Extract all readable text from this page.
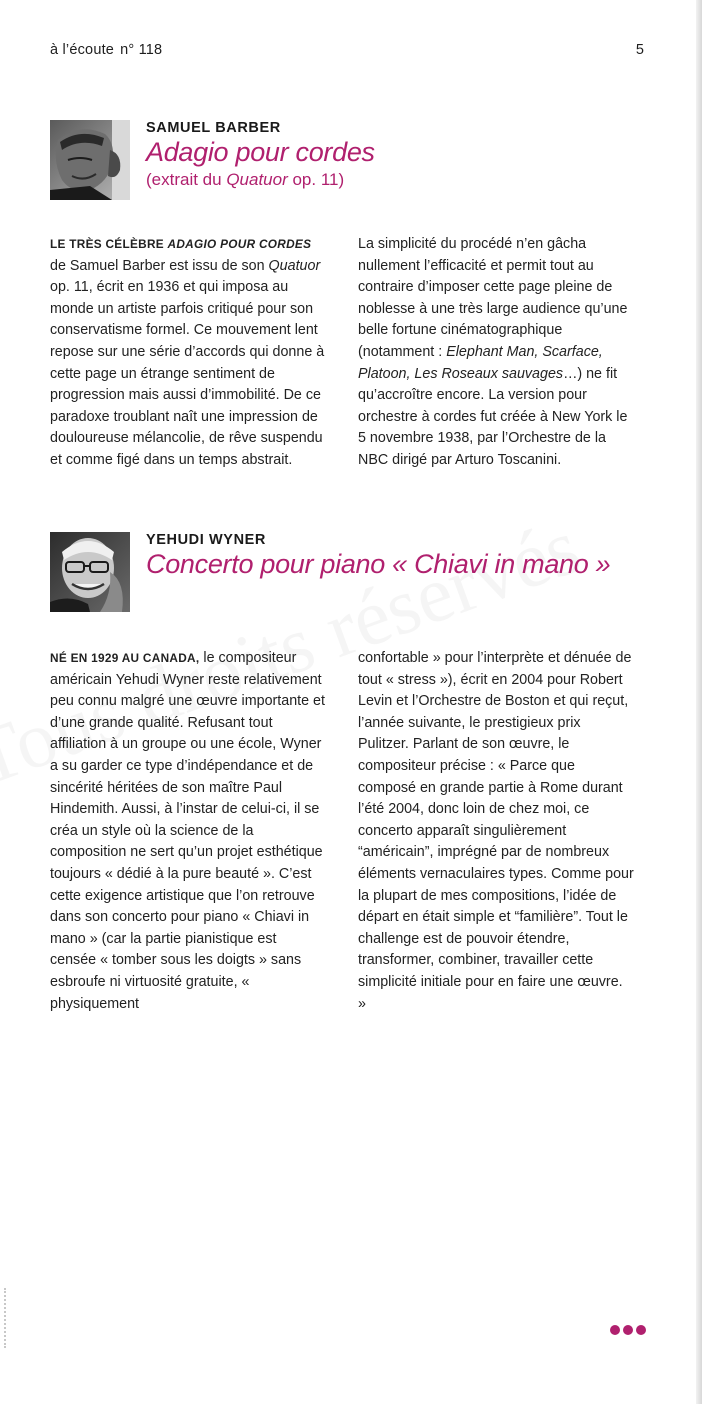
à l’écoute n° 118	5
SAMUEL BARBER
Adagio pour cordes
(extrait du Quatuor op. 11)

LE TRÈS CÉLÈBRE ADAGIO POUR CORDES de Samuel Barber est issu de son Quatuor op. 11, écrit en 1936 et qui imposa au monde un artiste parfois critiqué pour son conservatisme formel. Ce mouvement lent repose sur une série d’accords qui donne à cette page un étrange sentiment de progression mais aussi d’immobilité. De ce paradoxe troublant naît une impression de douloureuse mélancolie, de rêve suspendu et comme figé dans un temps abstrait.

La simplicité du procédé n’en gâcha nullement l’efficacité et permit tout au contraire d’imposer cette page pleine de noblesse à une très large audience qu’une belle fortune cinématographique (notamment : Elephant Man, Scarface, Platoon, Les Roseaux sauvages…) ne fit qu’accroître encore. La version pour orchestre à cordes fut créée à New York le 5 novembre 1938, par l’Orchestre de la NBC dirigé par Arturo Toscanini.

YEHUDI WYNER
Concerto pour piano « Chiavi in mano »

NÉ EN 1929 AU CANADA, le compositeur américain Yehudi Wyner reste relativement peu connu malgré une œuvre importante et d’une grande qualité. Refusant tout affiliation à un groupe ou une école, Wyner a su garder ce type d’indépendance et de sincérité héritées de son maître Paul Hindemith. Aussi, à l’instar de celui-ci, il se créa un style où la science de la composition ne sert qu’un projet esthétique toujours « dédié à la pure beauté ». C’est cette exigence artistique que l’on retrouve dans son concerto pour piano « Chiavi in mano » (car la partie pianistique est censée « tomber sous les doigts » sans esbroufe ni virtuosité gratuite, « physiquement

confortable » pour l’interprète et dénuée de tout « stress »), écrit en 2004 pour Robert Levin et l’Orchestre de Boston et qui reçut, l’année suivante, le prestigieux prix Pulitzer. Parlant de son œuvre, le compositeur précise : « Parce que composé en grande partie à Rome durant l’été 2004, donc loin de chez moi, ce concerto apparaît singulièrement “américain”, imprégné par de nombreux éléments vernaculaires types. Comme pour la plupart de mes compositions, l’idée de départ en était simple et “familière”. Tout le challenge est de pouvoir étendre, transformer, combiner, travailler cette simplicité initiale pour en faire une œuvre. »
